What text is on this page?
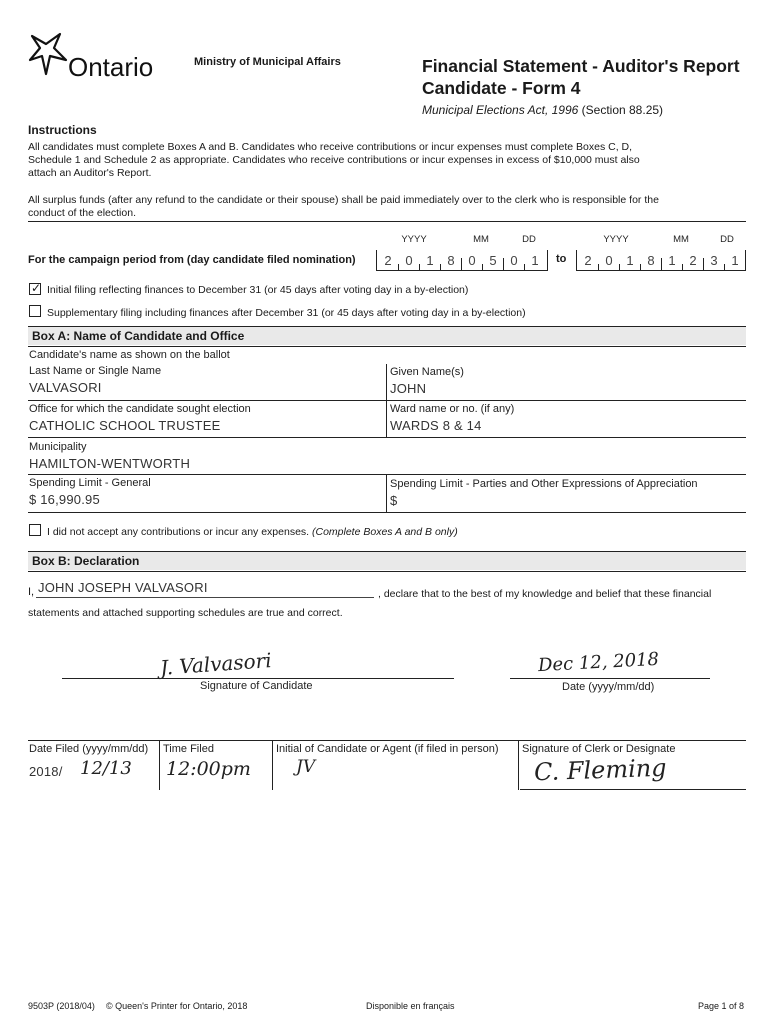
Ontario	Ministry of Municipal Affairs	Financial Statement - Auditor's Report
Candidate - Form 4
Municipal Elections Act, 1996 (Section 88.25)
Instructions
All candidates must complete Boxes A and B. Candidates who receive contributions or incur expenses must complete Boxes C, D,
Schedule 1 and Schedule 2 as appropriate. Candidates who receive contributions or incur expenses in excess of $10,000 must also
attach an Auditor's Report.
All surplus funds (after any refund to the candidate or their spouse) shall be paid immediately over to the clerk who is responsible for the
conduct of the election.
YYYY	MM	DD	YYYY	MM	DD
For the campaign period from (day candidate filed nomination)	2	0	1	8	0	5	0	1	to	2	0	1	8	1	2	3	1
✓ Initial filing reflecting finances to December 31 (or 45 days after voting day in a by-election)
Supplementary filing including finances after December 31 (or 45 days after voting day in a by-election)
Box A: Name of Candidate and Office
Candidate's name as shown on the ballot
Last Name or Single Name
VALVASORI
Given Name(s)
JOHN
Office for which the candidate sought election
CATHOLIC SCHOOL TRUSTEE
Ward name or no. (if any)
WARDS 8 & 14
Municipality
HAMILTON-WENTWORTH
Spending Limit - General
$ 16,990.95
Spending Limit - Parties and Other Expressions of Appreciation
$
I did not accept any contributions or incur any expenses. (Complete Boxes A and B only)
Box B: Declaration
I, JOHN JOSEPH VALVASORI	, declare that to the best of my knowledge and belief that these financial
statements and attached supporting schedules are true and correct.
J. Valvasori
Signature of Candidate
Dec 12, 2018
Date (yyyy/mm/dd)
Date Filed (yyyy/mm/dd)
2018/ 12/13
Time Filed
12:00pm
Initial of Candidate or Agent (if filed in person)
JV
Signature of Clerk or Designate
C. Fleming
9503P (2018/04) © Queen's Printer for Ontario, 2018	Disponible en français	Page 1 of 8
